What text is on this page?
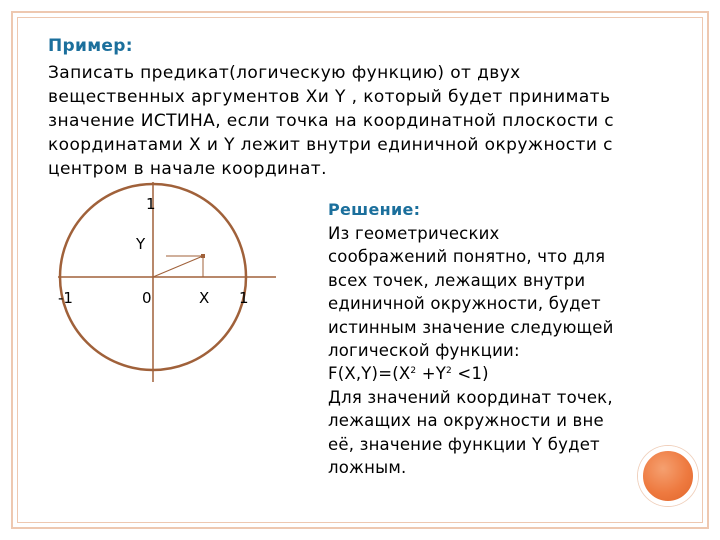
Пример:
Записать предикат(логическую функцию) от двух вещественных аргументов Хи Y , который будет принимать значение ИСТИНА, если точка на координатной плоскости с координатами Х и Y лежит внутри единичной окружности с центром в начале координат.
1
Y
-1	0	X 1
Решение:
Из геометрических
соображений понятно, что для
всех точек, лежащих внутри
единичной окружности, будет
истинным значение следующей
логической функции:
$F(X,Y)=(X^2 +Y^2 <1)$
Для значений координат точек,
лежащих на окружности и вне
её, значение функции Y будет
ложным.
